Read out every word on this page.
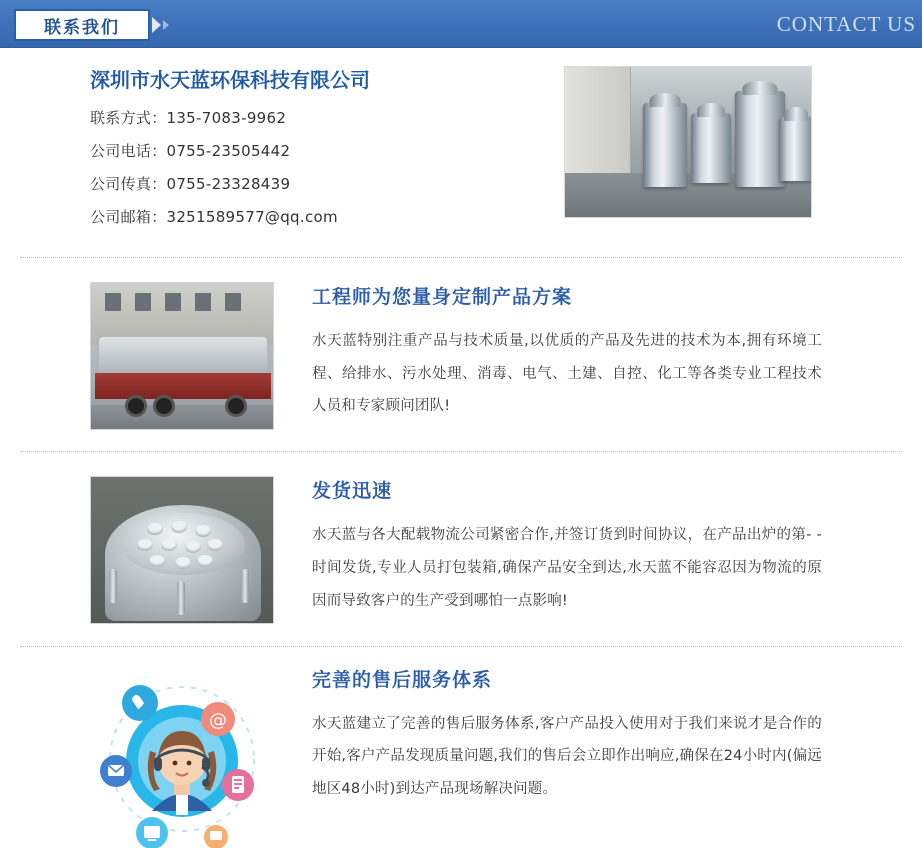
联系我们	CONTACT US
深圳市水天蓝环保科技有限公司
联系方式：135-7083-9962
公司电话：0755-23505442
公司传真：0755-23328439
公司邮箱：3251589577@qq.com
工程师为您量身定制产品方案

水天蓝特别注重产品与技术质量,以优质的产品及先进的技术为本,拥有环境工程、给排水、污水处理、消毒、电气、土建、自控、化工等各类专业工程技术人员和专家顾问团队!

发货迅速

水天蓝与各大配载物流公司紧密合作,并签订货到时间协议，在产品出炉的第- -时间发货,专业人员打包装箱,确保产品安全到达,水天蓝不能容忍因为物流的原因而导致客户的生产受到哪怕一点影响!

@
完善的售后服务体系

水天蓝建立了完善的售后服务体系,客户产品投入使用对于我们来说才是合作的开始,客户产品发现质量问题,我们的售后会立即作出响应,确保在24小时内(偏远地区48小时)到达产品现场解决问题。
